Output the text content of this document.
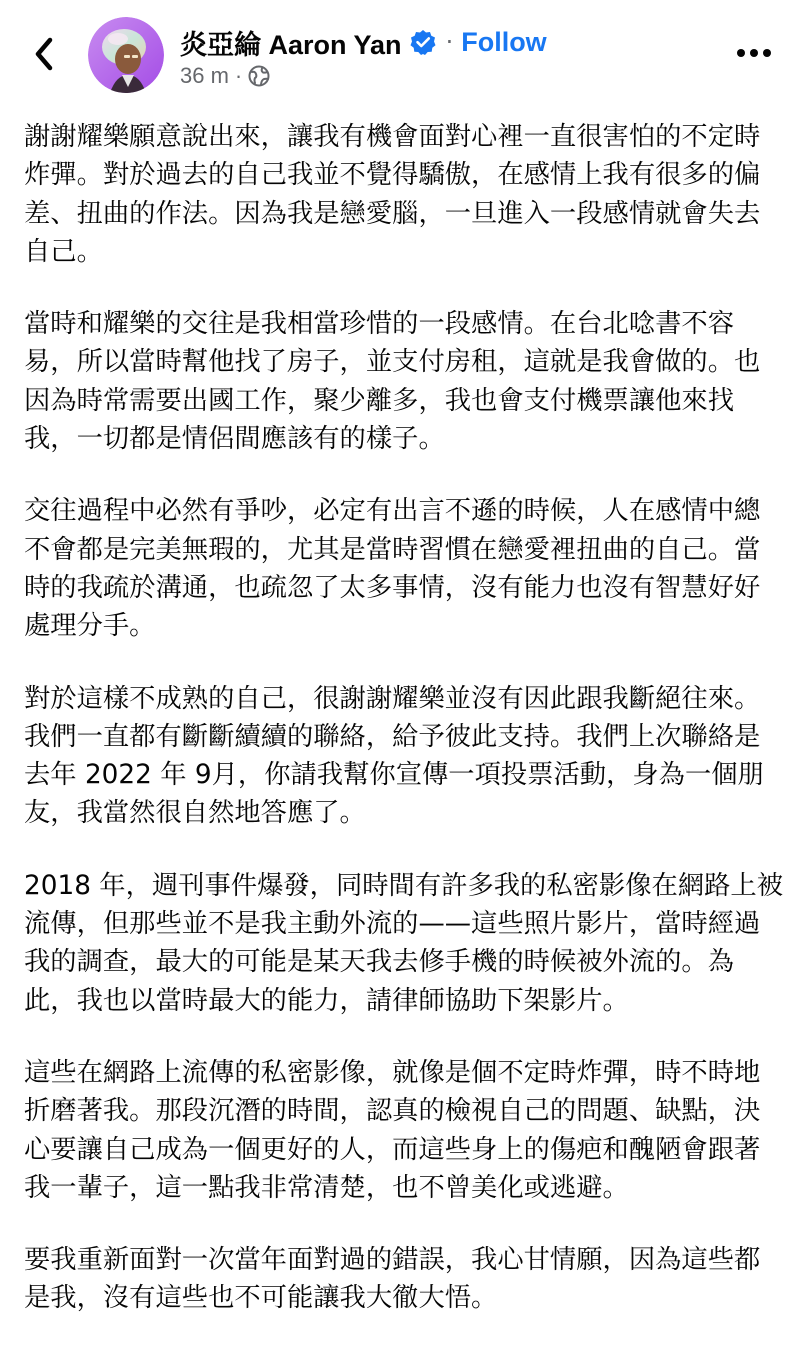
炎亞綸 Aaron Yan · Follow
36 m ·

謝謝耀樂願意說出來，讓我有機會面對心裡一直很害怕的不定時炸彈。對於過去的自己我並不覺得驕傲，在感情上我有很多的偏差、扭曲的作法。因為我是戀愛腦，一旦進入一段感情就會失去自己。

當時和耀樂的交往是我相當珍惜的一段感情。在台北唸書不容易，所以當時幫他找了房子，並支付房租，這就是我會做的。也因為時常需要出國工作，聚少離多，我也會支付機票讓他來找我，一切都是情侶間應該有的樣子。

交往過程中必然有爭吵，必定有出言不遜的時候，人在感情中總不會都是完美無瑕的，尤其是當時習慣在戀愛裡扭曲的自己。當時的我疏於溝通，也疏忽了太多事情，沒有能力也沒有智慧好好處理分手。

對於這樣不成熟的自己，很謝謝耀樂並沒有因此跟我斷絕往來。我們一直都有斷斷續續的聯絡，給予彼此支持。我們上次聯絡是去年 2022 年 9月，你請我幫你宣傳一項投票活動，身為一個朋友，我當然很自然地答應了。

2018 年，週刊事件爆發，同時間有許多我的私密影像在網路上被流傳，但那些並不是我主動外流的——這些照片影片，當時經過我的調查，最大的可能是某天我去修手機的時候被外流的。為此，我也以當時最大的能力，請律師協助下架影片。

這些在網路上流傳的私密影像，就像是個不定時炸彈，時不時地折磨著我。那段沉潛的時間，認真的檢視自己的問題、缺點，決心要讓自己成為一個更好的人，而這些身上的傷疤和醜陋會跟著我一輩子，這一點我非常清楚，也不曾美化或逃避。

要我重新面對一次當年面對過的錯誤，我心甘情願，因為這些都是我，沒有這些也不可能讓我大徹大悟。
